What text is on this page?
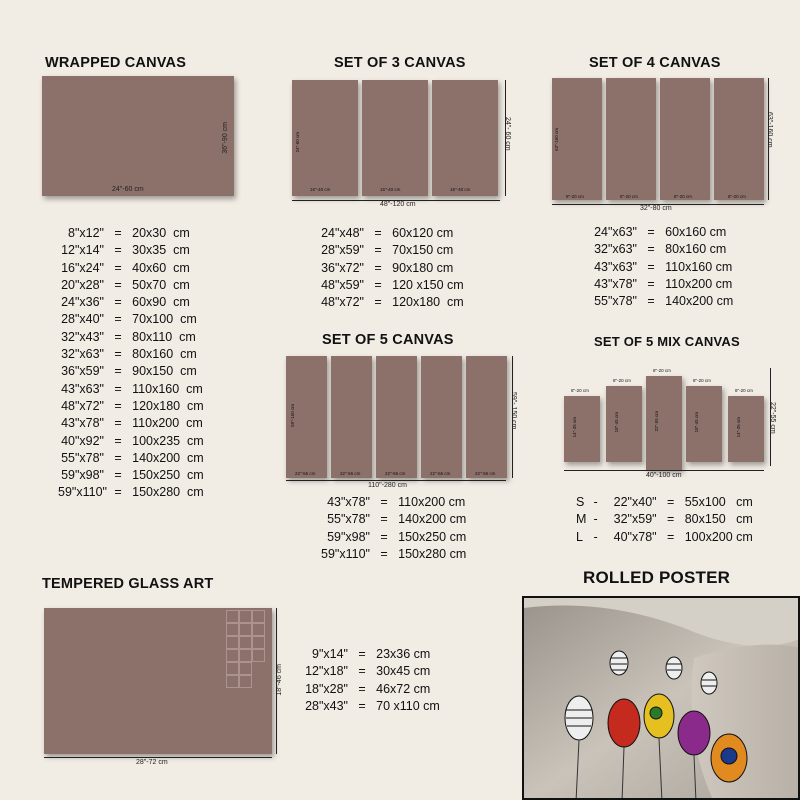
WRAPPED CANVAS
24"-60 cm
36"-90 cm
8"x12"   =   20x30  cm
12"x14"   =   30x35  cm
16"x24"   =   40x60  cm
20"x28"   =   50x70  cm
24"x36"   =   60x90  cm
28"x40"   =   70x100  cm
32"x43"   =   80x110  cm
32"x63"   =   80x160  cm
36"x59"   =   90x150  cm
43"x63"   =   110x160  cm
48"x72"   =   120x180  cm
43"x78"   =   110x200  cm
40"x92"   =   100x235  cm
55"x78"   =   140x200  cm
59"x98"   =   150x250  cm
59"x110"   =   150x280  cm
SET OF 3 CANVAS
16"-40 cm	16"-40 cm	16"-40 cm
24"-60 cm
48"-120 cm
24"- 60 cm
24"x48"   =   60x120 cm
28"x59"   =   70x150 cm
36"x72"   =   90x180 cm
48"x59"   =   120 x150 cm
48"x72"   =   120x180  cm
SET OF 4 CANVAS
8"-20 cm	8"-20 cm	8"-20 cm	8"-20 cm
63"-160 cm
32"-80 cm
63"-160 cm
24"x63"   =   60x160 cm
32"x63"   =   80x160 cm
43"x63"   =   110x160 cm
43"x78"   =   110x200 cm
55"x78"   =   140x200 cm
SET OF 5 CANVAS
22"-56 cm	22"-56 cm	22"-56 cm	22"-56 cm	22"-56 cm
59"-150 cm
110"-280 cm
59"- 150 cm
43"x78"   =   110x200 cm
55"x78"   =   140x200 cm
59"x98"   =   150x250 cm
59"x110"   =   150x280 cm
SET OF 5 MIX CANVAS
8"-20 cm
14"-35 cm
8"-20 cm
18"-45 cm
8"-20 cm
22"-55 cm
8"-20 cm
18"-45 cm
8"-20 cm
14"-35 cm
40"-100 cm
22"-55 cm
S -  22"x40"   =   55x100   cm
M -  32"x59"   =   80x150   cm
L -  40"x78"   =   100x200 cm
TEMPERED GLASS ART
28"-72 cm
18"-46 cm
9"x14"   =   23x36 cm
12"x18"   =   30x45 cm
18"x28"   =   46x72 cm
28"x43"   =   70 x110 cm
ROLLED POSTER
